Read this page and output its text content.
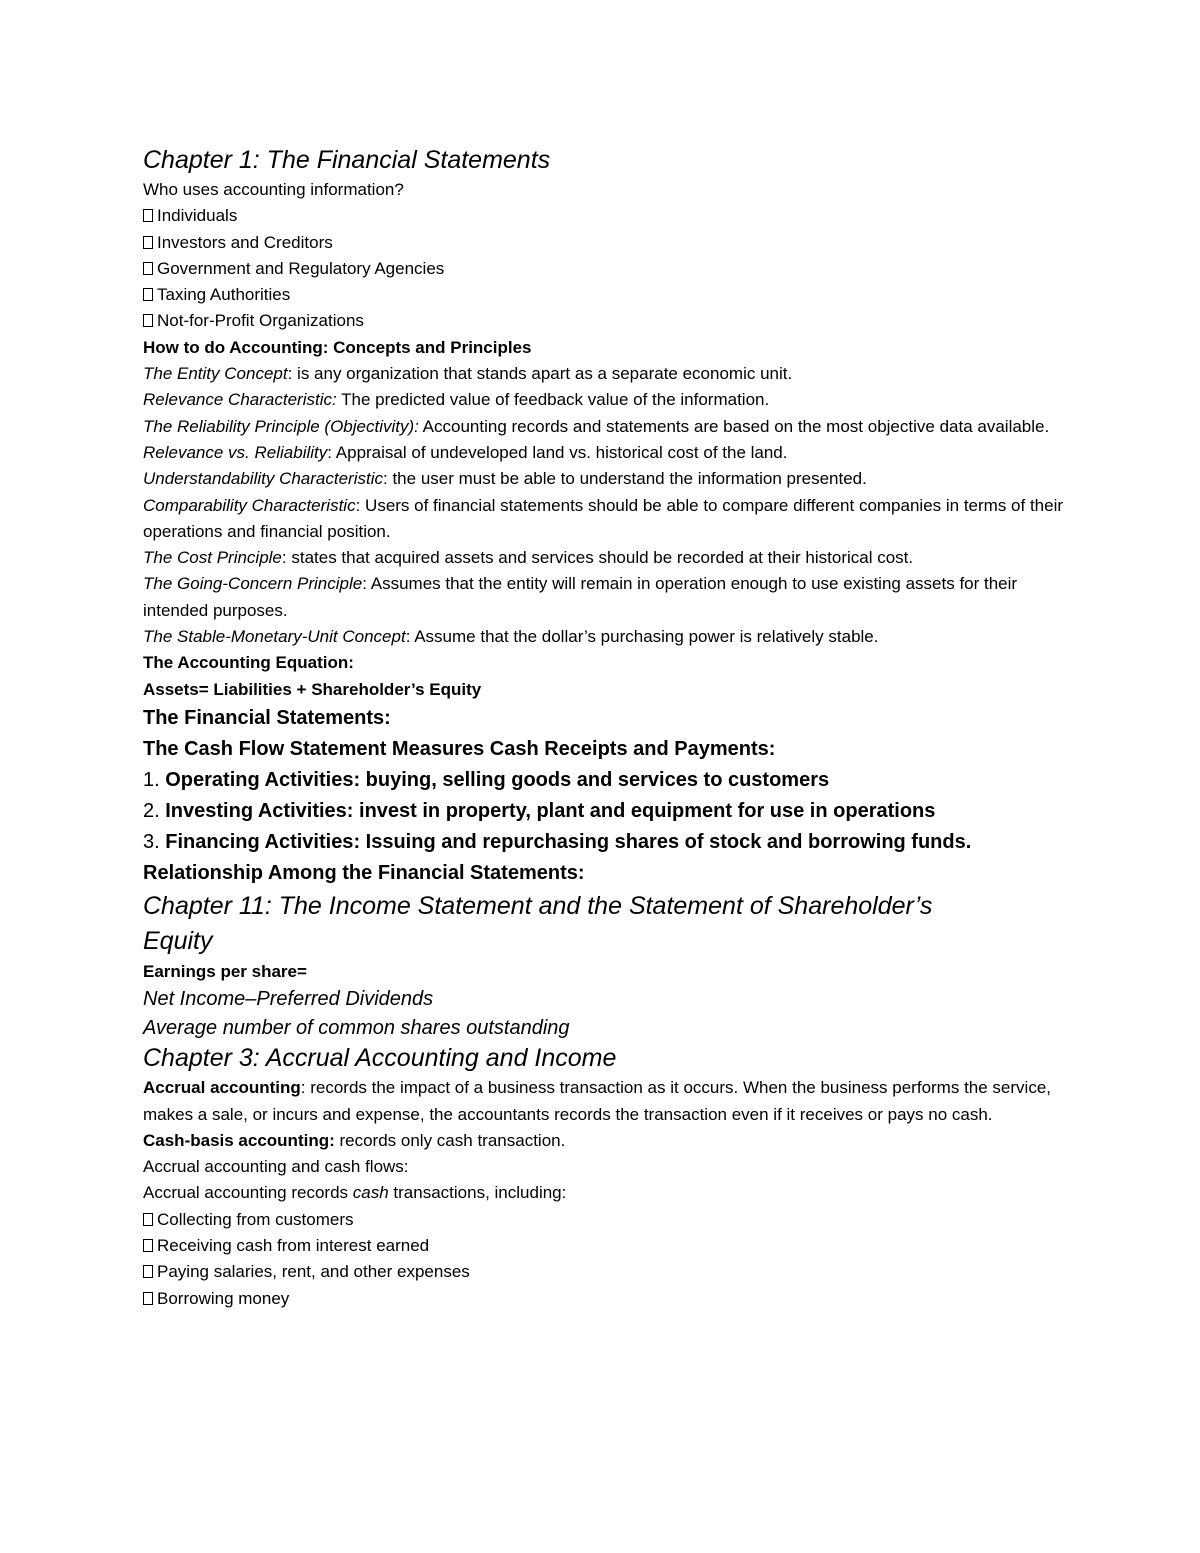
Chapter 1: The Financial Statements
Who uses accounting information?
Individuals
Investors and Creditors
Government and Regulatory Agencies
Taxing Authorities
Not-for-Profit Organizations
How to do Accounting: Concepts and Principles
The Entity Concept: is any organization that stands apart as a separate economic unit.
Relevance Characteristic: The predicted value of feedback value of the information.
The Reliability Principle (Objectivity): Accounting records and statements are based on the most objective data available.
Relevance vs. Reliability: Appraisal of undeveloped land vs. historical cost of the land.
Understandability Characteristic: the user must be able to understand the information presented.
Comparability Characteristic: Users of financial statements should be able to compare different companies in terms of their operations and financial position.
The Cost Principle: states that acquired assets and services should be recorded at their historical cost.
The Going-Concern Principle: Assumes that the entity will remain in operation enough to use existing assets for their intended purposes.
The Stable-Monetary-Unit Concept: Assume that the dollar’s purchasing power is relatively stable.
The Accounting Equation:
Assets= Liabilities + Shareholder’s Equity
The Financial Statements:
The Cash Flow Statement Measures Cash Receipts and Payments:
1. Operating Activities: buying, selling goods and services to customers
2. Investing Activities: invest in property, plant and equipment for use in operations
3. Financing Activities: Issuing and repurchasing shares of stock and borrowing funds.
Relationship Among the Financial Statements:
Chapter 11: The Income Statement and the Statement of Shareholder’s
Equity
Earnings per share=
Net Income–Preferred Dividends
Average number of common shares outstanding
Chapter 3: Accrual Accounting and Income
Accrual accounting: records the impact of a business transaction as it occurs. When the business performs the service, makes a sale, or incurs and expense, the accountants records the transaction even if it receives or pays no cash.
Cash-basis accounting: records only cash transaction.
Accrual accounting and cash flows:
Accrual accounting records cash transactions, including:
Collecting from customers
Receiving cash from interest earned
Paying salaries, rent, and other expenses
Borrowing money
